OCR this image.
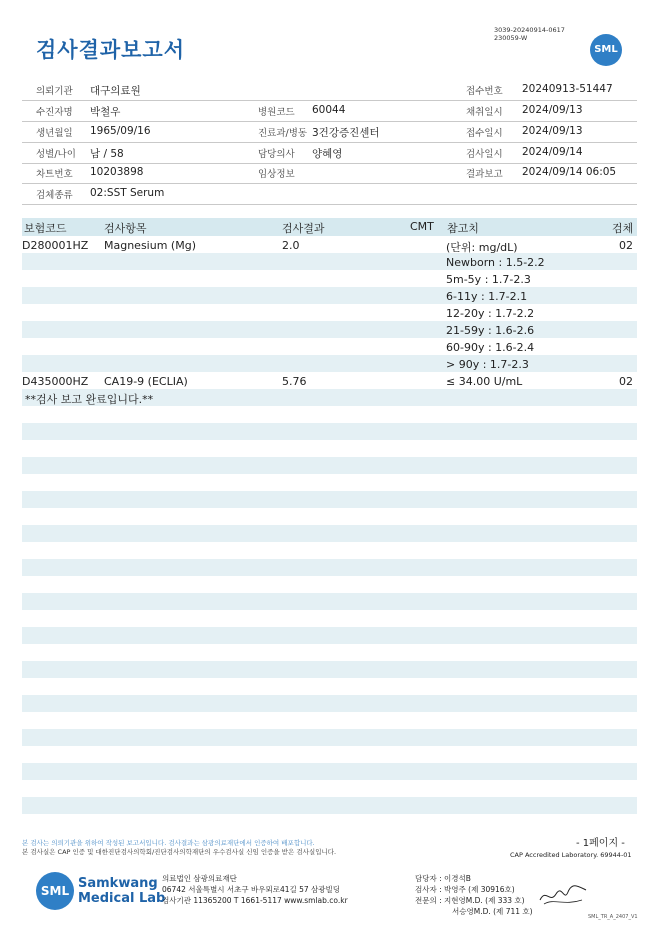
검사결과보고서
3039-20240914-0617
230059-W
SML
의뢰기관 대구의료원	접수번호 20240913-51447
수진자명 박철우	병원코드 60044	채취일시 2024/09/13
생년월일 1965/09/16	진료과/병동 3건강증진센터	접수일시 2024/09/13
성별/나이 남 / 58	담당의사 양혜영	검사일시 2024/09/14
차트번호 10203898	임상정보	결과보고 2024/09/14 06:05
검체종류 02:SST Serum
보험코드	검사항목	검사결과	CMT 참고치	검체
D280001HZ Magnesium (Mg)	2.0	(단위: mg/dL)	02
Newborn : 1.5-2.2
5m-5y : 1.7-2.3
6-11y : 1.7-2.1
12-20y : 1.7-2.2
21-59y : 1.6-2.6
60-90y : 1.6-2.4
> 90y : 1.7-2.3
D435000HZ CA19-9 (ECLIA)	5.76	≤ 34.00 U/mL	02
**검사 보고 완료입니다.**
- 1페이지 -
본 검사는 의뢰기관을 위하여 작성된 보고서입니다. 검사결과는 삼광의료재단에서 인증하여 배포합니다.
본 검사실은 CAP 인증 및 대한진단검사의학회/진단검사의학재단의 우수검사실 신임 인증을 받은 검사실입니다.	CAP Accredited Laboratory. 69944-01
SML Samkwang
Medical Lab
의료법인 삼광의료재단
06742 서울특별시 서초구 바우뫼로41길 57 삼광빌딩
검사기관 11365200 T 1661-5117 www.smlab.co.kr
담당자 : 이경석B
검사자 : 박영주 (제 30916호)
전문의 : 지현영M.D. (제 333 호)
서승영M.D. (제 711 호)
SML_TR_A_2407_V1
